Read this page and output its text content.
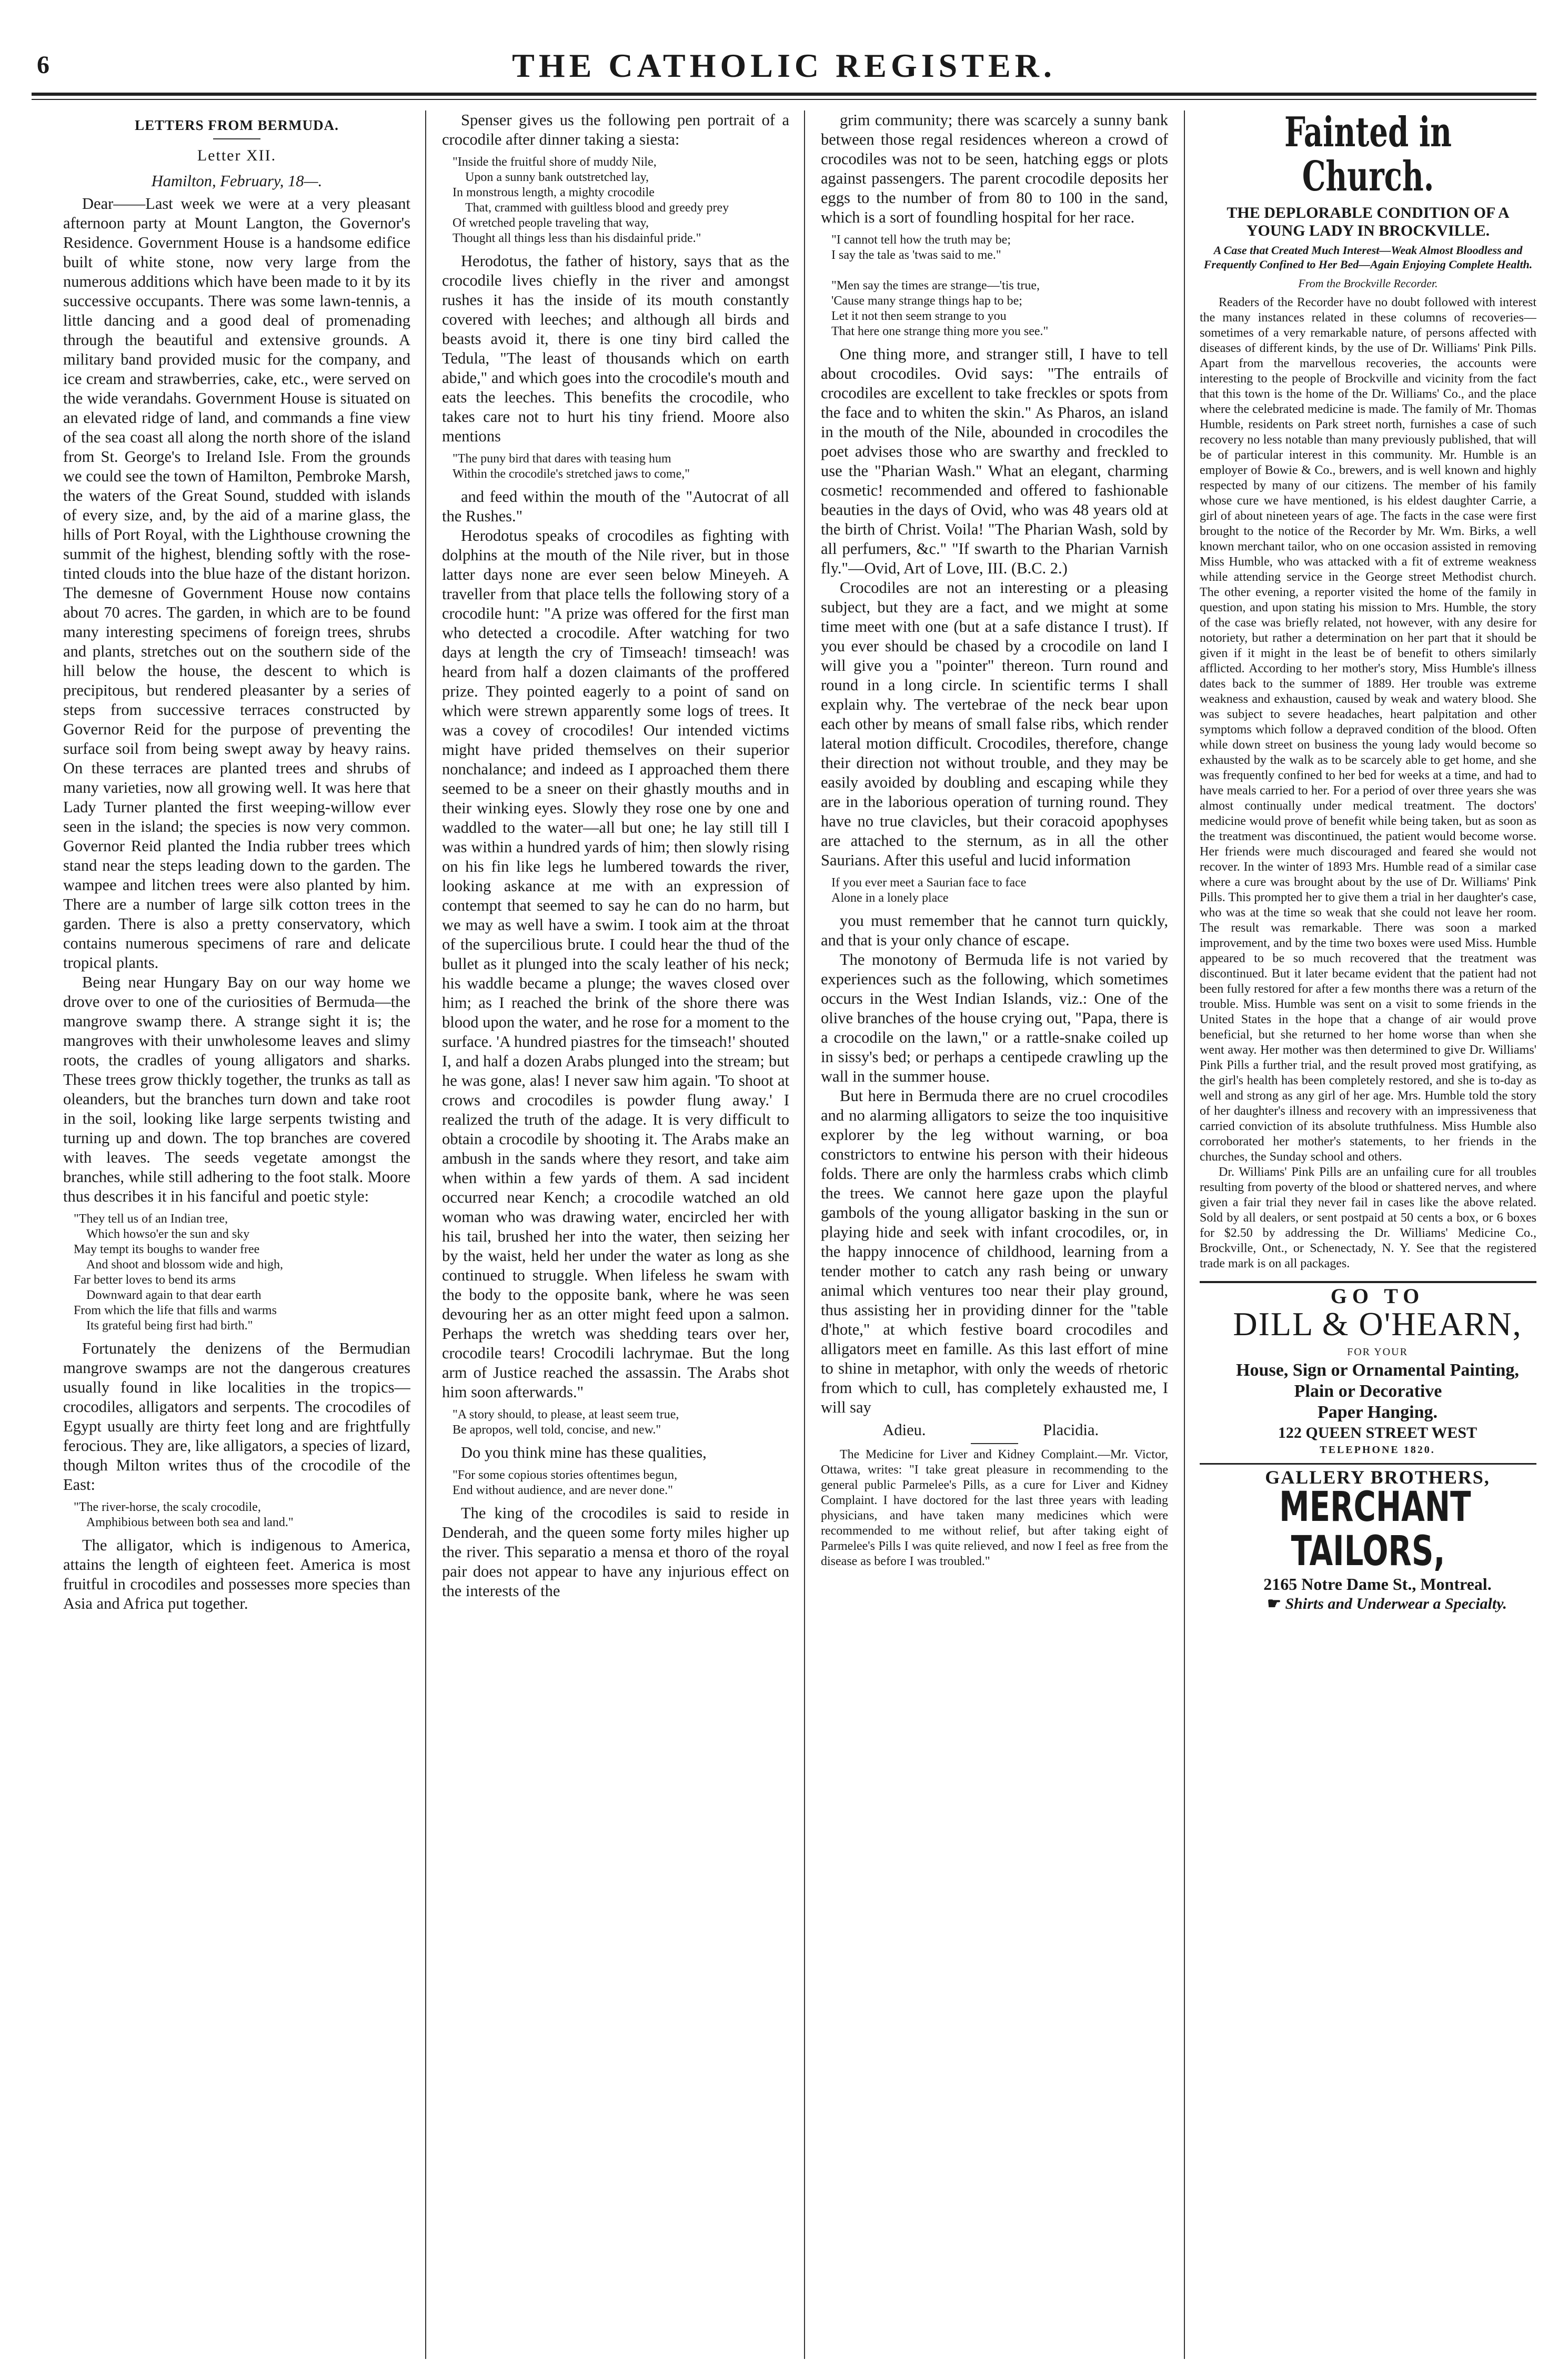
6	THE CATHOLIC REGISTER.

LETTERS FROM BERMUDA.

Letter XII.

Hamilton, February, 18—.

Dear——Last week we were at a very pleasant afternoon party at Mount Langton, the Governor's Residence. Government House is a handsome edifice built of white stone, now very large from the numerous additions which have been made to it by its successive occupants. There was some lawn-tennis, a little dancing and a good deal of promenading through the beautiful and extensive grounds. A military band provided music for the company, and ice cream and strawberries, cake, etc., were served on the wide verandahs. Government House is situated on an elevated ridge of land, and commands a fine view of the sea coast all along the north shore of the island from St. George's to Ireland Isle. From the grounds we could see the town of Hamilton, Pembroke Marsh, the waters of the Great Sound, studded with islands of every size, and, by the aid of a marine glass, the hills of Port Royal, with the Lighthouse crowning the summit of the highest, blending softly with the rose-tinted clouds into the blue haze of the distant horizon. The demesne of Government House now contains about 70 acres. The garden, in which are to be found many interesting specimens of foreign trees, shrubs and plants, stretches out on the southern side of the hill below the house, the descent to which is precipitous, but rendered pleasanter by a series of steps from successive terraces constructed by Governor Reid for the purpose of preventing the surface soil from being swept away by heavy rains. On these terraces are planted trees and shrubs of many varieties, now all growing well. It was here that Lady Turner planted the first weeping-willow ever seen in the island; the species is now very common. Governor Reid planted the India rubber trees which stand near the steps leading down to the garden. The wampee and litchen trees were also planted by him. There are a number of large silk cotton trees in the garden. There is also a pretty conservatory, which contains numerous specimens of rare and delicate tropical plants.

Being near Hungary Bay on our way home we drove over to one of the curiosities of Bermuda—the mangrove swamp there. A strange sight it is; the mangroves with their unwholesome leaves and slimy roots, the cradles of young alligators and sharks. These trees grow thickly together, the trunks as tall as oleanders, but the branches turn down and take root in the soil, looking like large serpents twisting and turning up and down. The top branches are covered with leaves. The seeds vegetate amongst the branches, while still adhering to the foot stalk. Moore thus describes it in his fanciful and poetic style:

"They tell us of an Indian tree,
Which howso'er the sun and sky
May tempt its boughs to wander free
And shoot and blossom wide and high,
Far better loves to bend its arms
Downward again to that dear earth
From which the life that fills and warms
Its grateful being first had birth."

Fortunately the denizens of the Bermudian mangrove swamps are not the dangerous creatures usually found in like localities in the tropics—crocodiles, alligators and serpents. The crocodiles of Egypt usually are thirty feet long and are frightfully ferocious. They are, like alligators, a species of lizard, though Milton writes thus of the crocodile of the East:

"The river-horse, the scaly crocodile,
Amphibious between both sea and land."

The alligator, which is indigenous to America, attains the length of eighteen feet. America is most fruitful in crocodiles and possesses more species than Asia and Africa put together.

Spenser gives us the following pen portrait of a crocodile after dinner taking a siesta:

"Inside the fruitful shore of muddy Nile,
Upon a sunny bank outstretched lay,
In monstrous length, a mighty crocodile
That, crammed with guiltless blood and greedy prey
Of wretched people traveling that way,
Thought all things less than his disdainful pride."

Herodotus, the father of history, says that as the crocodile lives chiefly in the river and amongst rushes it has the inside of its mouth constantly covered with leeches; and although all birds and beasts avoid it, there is one tiny bird called the Tedula, "The least of thousands which on earth abide," and which goes into the crocodile's mouth and eats the leeches. This benefits the crocodile, who takes care not to hurt his tiny friend. Moore also mentions

"The puny bird that dares with teasing hum
Within the crocodile's stretched jaws to come,"

and feed within the mouth of the "Autocrat of all the Rushes."

Herodotus speaks of crocodiles as fighting with dolphins at the mouth of the Nile river, but in those latter days none are ever seen below Mineyeh. A traveller from that place tells the following story of a crocodile hunt: "A prize was offered for the first man who detected a crocodile. After watching for two days at length the cry of Timseach! timseach! was heard from half a dozen claimants of the proffered prize. They pointed eagerly to a point of sand on which were strewn apparently some logs of trees. It was a covey of crocodiles! Our intended victims might have prided themselves on their superior nonchalance; and indeed as I approached them there seemed to be a sneer on their ghastly mouths and in their winking eyes. Slowly they rose one by one and waddled to the water—all but one; he lay still till I was within a hundred yards of him; then slowly rising on his fin like legs he lumbered towards the river, looking askance at me with an expression of contempt that seemed to say he can do no harm, but we may as well have a swim. I took aim at the throat of the supercilious brute. I could hear the thud of the bullet as it plunged into the scaly leather of his neck; his waddle became a plunge; the waves closed over him; as I reached the brink of the shore there was blood upon the water, and he rose for a moment to the surface. 'A hundred piastres for the timseach!' shouted I, and half a dozen Arabs plunged into the stream; but he was gone, alas! I never saw him again. 'To shoot at crows and crocodiles is powder flung away.' I realized the truth of the adage. It is very difficult to obtain a crocodile by shooting it. The Arabs make an ambush in the sands where they resort, and take aim when within a few yards of them. A sad incident occurred near Kench; a crocodile watched an old woman who was drawing water, encircled her with his tail, brushed her into the water, then seizing her by the waist, held her under the water as long as she continued to struggle. When lifeless he swam with the body to the opposite bank, where he was seen devouring her as an otter might feed upon a salmon. Perhaps the wretch was shedding tears over her, crocodile tears! Crocodili lachrymae. But the long arm of Justice reached the assassin. The Arabs shot him soon afterwards."

"A story should, to please, at least seem true,
Be apropos, well told, concise, and new."

Do you think mine has these qualities,

"For some copious stories oftentimes begun,
End without audience, and are never done."

The king of the crocodiles is said to reside in Denderah, and the queen some forty miles higher up the river. This separatio a mensa et thoro of the royal pair does not appear to have any injurious effect on the interests of the

grim community; there was scarcely a sunny bank between those regal residences whereon a crowd of crocodiles was not to be seen, hatching eggs or plots against passengers. The parent crocodile deposits her eggs to the number of from 80 to 100 in the sand, which is a sort of foundling hospital for her race.

"I cannot tell how the truth may be;
I say the tale as 'twas said to me."

"Men say the times are strange—'tis true,
'Cause many strange things hap to be;
Let it not then seem strange to you
That here one strange thing more you see."

One thing more, and stranger still, I have to tell about crocodiles. Ovid says: "The entrails of crocodiles are excellent to take freckles or spots from the face and to whiten the skin." As Pharos, an island in the mouth of the Nile, abounded in crocodiles the poet advises those who are swarthy and freckled to use the "Pharian Wash." What an elegant, charming cosmetic! recommended and offered to fashionable beauties in the days of Ovid, who was 48 years old at the birth of Christ. Voila! "The Pharian Wash, sold by all perfumers, &c." "If swarth to the Pharian Varnish fly."—Ovid, Art of Love, III. (B.C. 2.)

Crocodiles are not an interesting or a pleasing subject, but they are a fact, and we might at some time meet with one (but at a safe distance I trust). If you ever should be chased by a crocodile on land I will give you a "pointer" thereon. Turn round and round in a long circle. In scientific terms I shall explain why. The vertebrae of the neck bear upon each other by means of small false ribs, which render lateral motion difficult. Crocodiles, therefore, change their direction not without trouble, and they may be easily avoided by doubling and escaping while they are in the laborious operation of turning round. They have no true clavicles, but their coracoid apophyses are attached to the sternum, as in all the other Saurians. After this useful and lucid information

If you ever meet a Saurian face to face
Alone in a lonely place

you must remember that he cannot turn quickly, and that is your only chance of escape.

The monotony of Bermuda life is not varied by experiences such as the following, which sometimes occurs in the West Indian Islands, viz.: One of the olive branches of the house crying out, "Papa, there is a crocodile on the lawn," or a rattle-snake coiled up in sissy's bed; or perhaps a centipede crawling up the wall in the summer house.

But here in Bermuda there are no cruel crocodiles and no alarming alligators to seize the too inquisitive explorer by the leg without warning, or boa constrictors to entwine his person with their hideous folds. There are only the harmless crabs which climb the trees. We cannot here gaze upon the playful gambols of the young alligator basking in the sun or playing hide and seek with infant crocodiles, or, in the happy innocence of childhood, learning from a tender mother to catch any rash being or unwary animal which ventures too near their play ground, thus assisting her in providing dinner for the "table d'hote," at which festive board crocodiles and alligators meet en famille. As this last effort of mine to shine in metaphor, with only the weeds of rhetoric from which to cull, has completely exhausted me, I will say

Adieu.	Placidia.

The Medicine for Liver and Kidney Complaint.—Mr. Victor, Ottawa, writes: "I take great pleasure in recommending to the general public Parmelee's Pills, as a cure for Liver and Kidney Complaint. I have doctored for the last three years with leading physicians, and have taken many medicines which were recommended to me without relief, but after taking eight of Parmelee's Pills I was quite relieved, and now I feel as free from the disease as before I was troubled."

Fainted in Church.

THE DEPLORABLE CONDITION OF A YOUNG LADY IN BROCKVILLE.

A Case that Created Much Interest—Weak Almost Bloodless and Frequently Confined to Her Bed—Again Enjoying Complete Health.

From the Brockville Recorder.

Readers of the Recorder have no doubt followed with interest the many instances related in these columns of recoveries—sometimes of a very remarkable nature, of persons affected with diseases of different kinds, by the use of Dr. Williams' Pink Pills. Apart from the marvellous recoveries, the accounts were interesting to the people of Brockville and vicinity from the fact that this town is the home of the Dr. Williams' Co., and the place where the celebrated medicine is made. The family of Mr. Thomas Humble, residents on Park street north, furnishes a case of such recovery no less notable than many previously published, that will be of particular interest in this community. Mr. Humble is an employer of Bowie & Co., brewers, and is well known and highly respected by many of our citizens. The member of his family whose cure we have mentioned, is his eldest daughter Carrie, a girl of about nineteen years of age. The facts in the case were first brought to the notice of the Recorder by Mr. Wm. Birks, a well known merchant tailor, who on one occasion assisted in removing Miss Humble, who was attacked with a fit of extreme weakness while attending service in the George street Methodist church. The other evening, a reporter visited the home of the family in question, and upon stating his mission to Mrs. Humble, the story of the case was briefly related, not however, with any desire for notoriety, but rather a determination on her part that it should be given if it might in the least be of benefit to others similarly afflicted. According to her mother's story, Miss Humble's illness dates back to the summer of 1889. Her trouble was extreme weakness and exhaustion, caused by weak and watery blood. She was subject to severe headaches, heart palpitation and other symptoms which follow a depraved condition of the blood. Often while down street on business the young lady would become so exhausted by the walk as to be scarcely able to get home, and she was frequently confined to her bed for weeks at a time, and had to have meals carried to her. For a period of over three years she was almost continually under medical treatment. The doctors' medicine would prove of benefit while being taken, but as soon as the treatment was discontinued, the patient would become worse. Her friends were much discouraged and feared she would not recover. In the winter of 1893 Mrs. Humble read of a similar case where a cure was brought about by the use of Dr. Williams' Pink Pills. This prompted her to give them a trial in her daughter's case, who was at the time so weak that she could not leave her room. The result was remarkable. There was soon a marked improvement, and by the time two boxes were used Miss. Humble appeared to be so much recovered that the treatment was discontinued. But it later became evident that the patient had not been fully restored for after a few months there was a return of the trouble. Miss. Humble was sent on a visit to some friends in the United States in the hope that a change of air would prove beneficial, but she returned to her home worse than when she went away. Her mother was then determined to give Dr. Williams' Pink Pills a further trial, and the result proved most gratifying, as the girl's health has been completely restored, and she is to-day as well and strong as any girl of her age. Mrs. Humble told the story of her daughter's illness and recovery with an impressiveness that carried conviction of its absolute truthfulness. Miss Humble also corroborated her mother's statements, to her friends in the churches, the Sunday school and others.

Dr. Williams' Pink Pills are an unfailing cure for all troubles resulting from poverty of the blood or shattered nerves, and where given a fair trial they never fail in cases like the above related. Sold by all dealers, or sent postpaid at 50 cents a box, or 6 boxes for $2.50 by addressing the Dr. Williams' Medicine Co., Brockville, Ont., or Schenectady, N. Y. See that the registered trade mark is on all packages.

GO TO

DILL & O'HEARN,

FOR YOUR

House, Sign or Ornamental Painting, Plain or Decorative

Paper Hanging.

122 QUEEN STREET WEST

TELEPHONE 1820.

GALLERY BROTHERS,

MERCHANT TAILORS,

2165 Notre Dame St., Montreal.

☛ Shirts and Underwear a Specialty.
